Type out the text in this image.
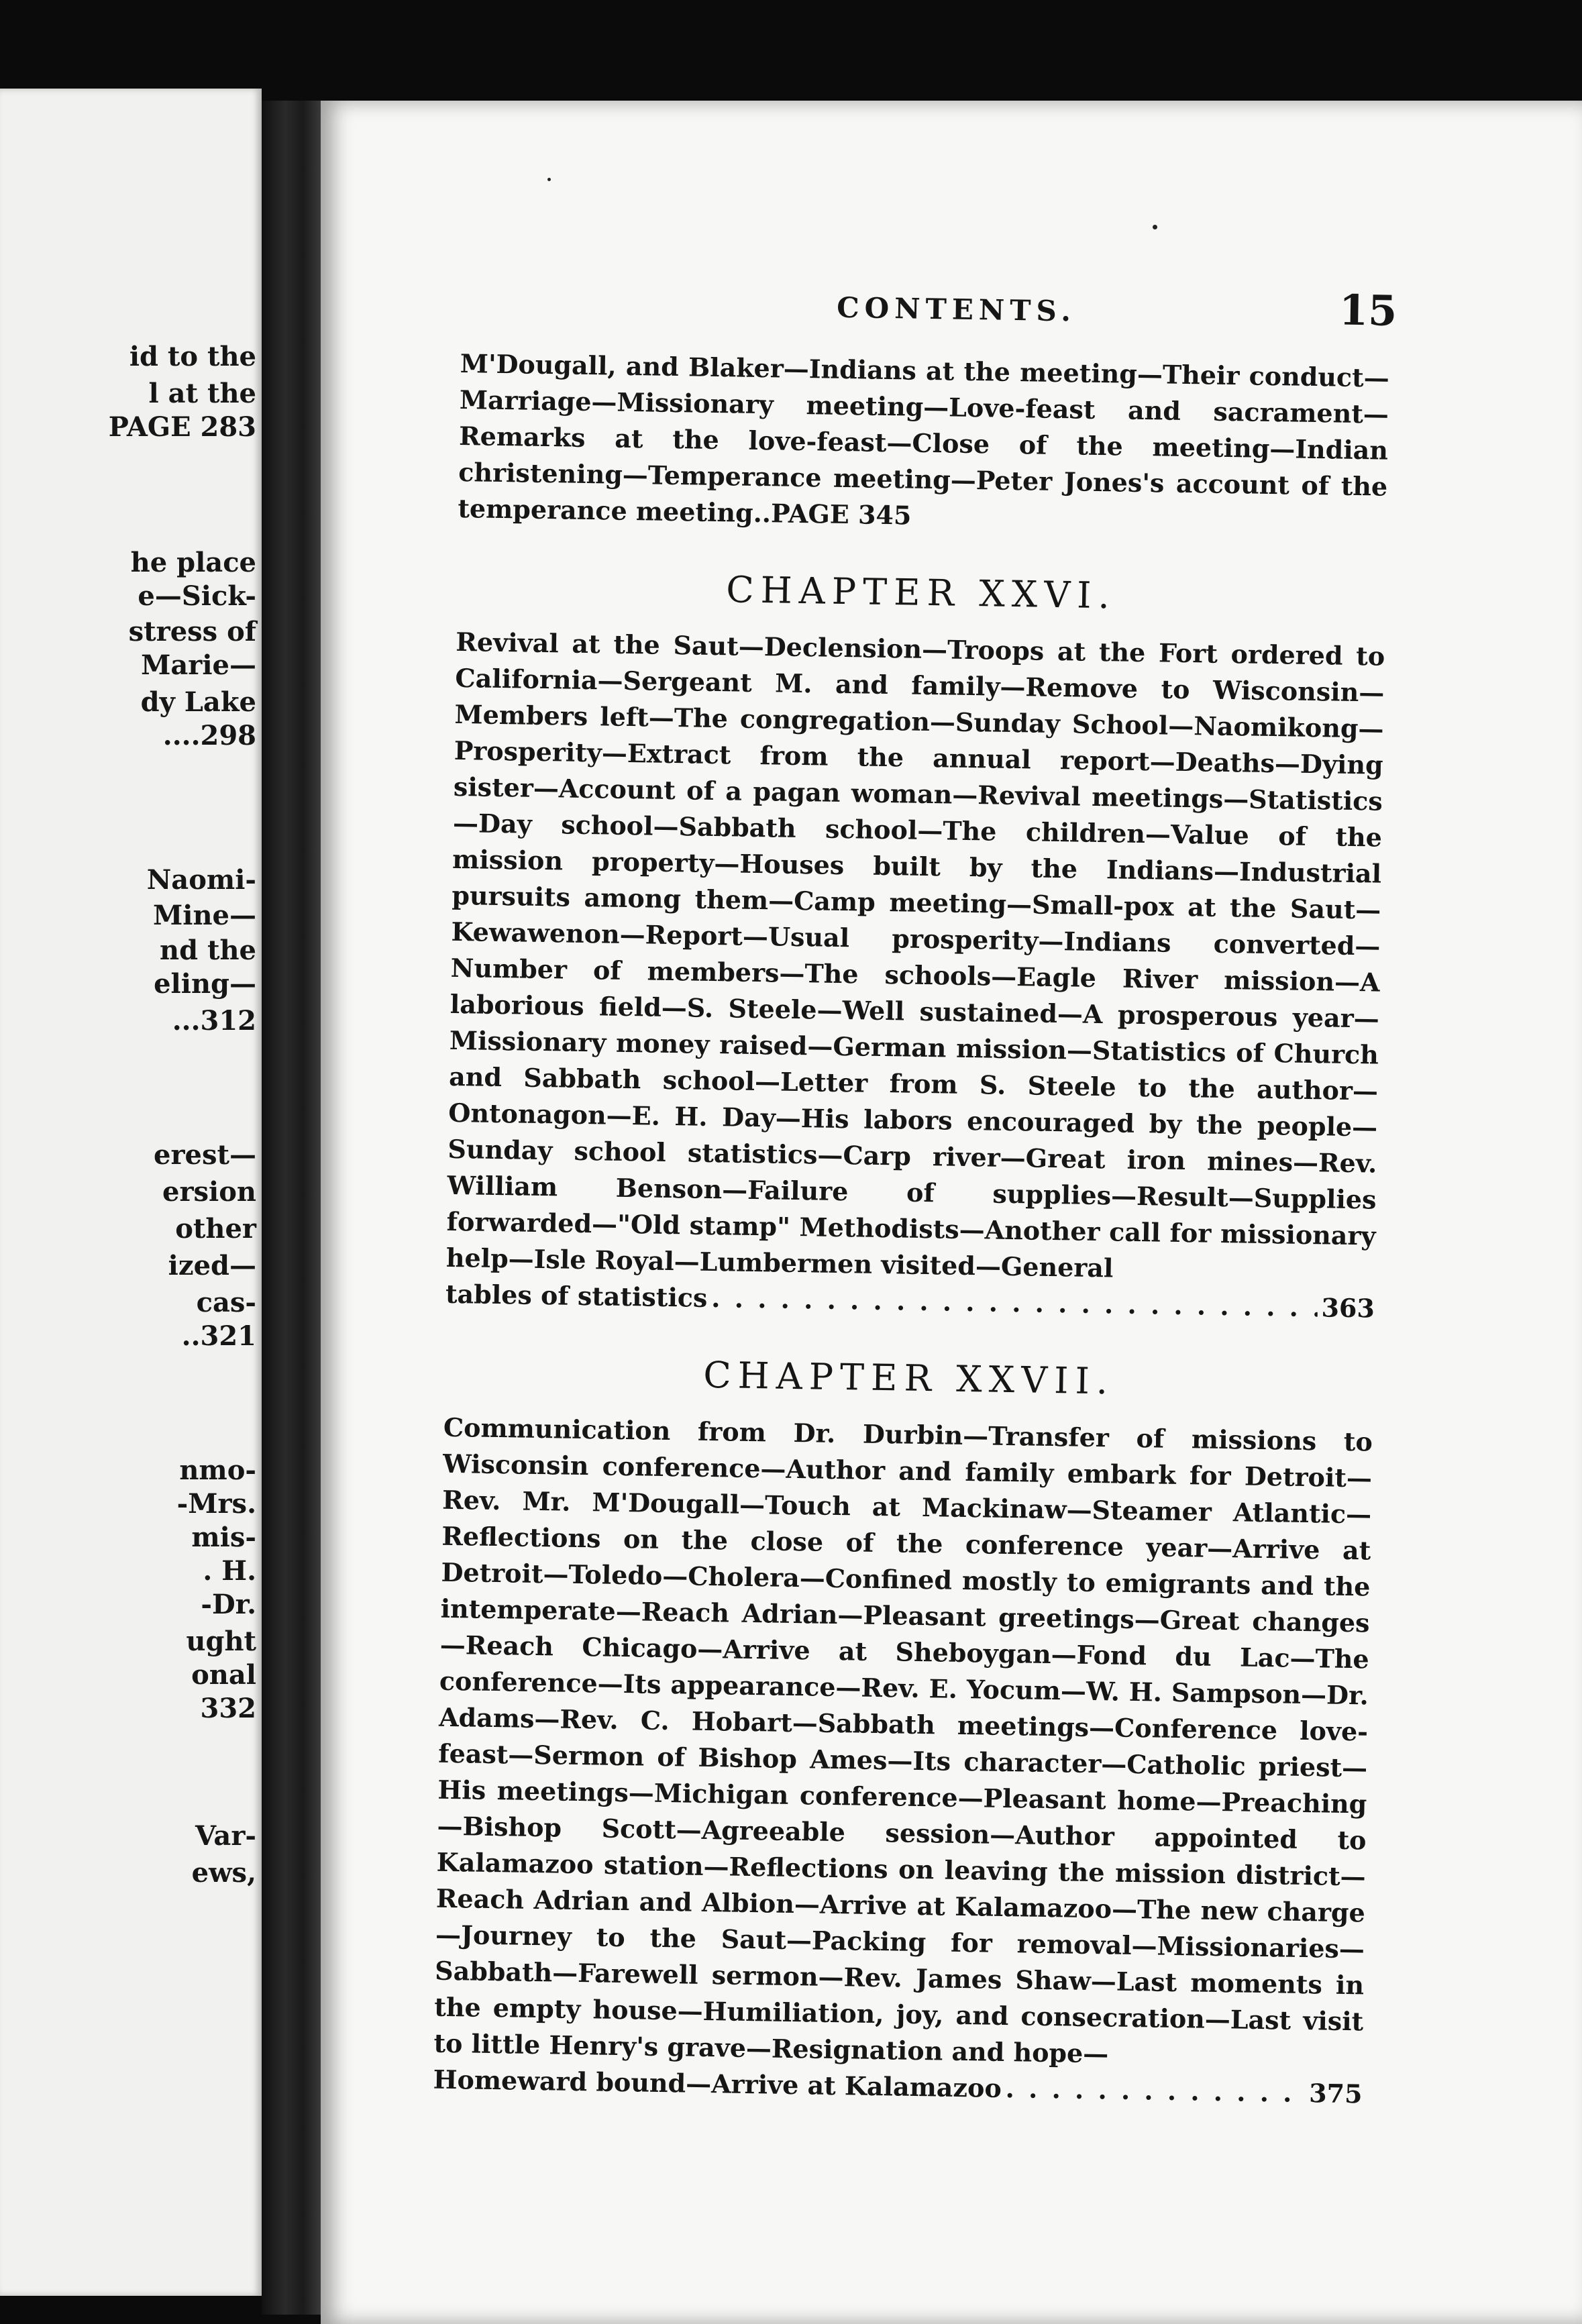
id to the
l at the
PAGE 283
he place
e—Sick-
stress of
Marie—
dy Lake
....298
Naomi-
Mine—
nd the
eling—
...312
erest—
ersion
other
ized—
cas-
..321
nmo-
-Mrs.
mis-
. H.
-Dr.
ught
onal
332
Var-
ews,
CONTENTS.	15

M'Dougall, and Blaker—Indians at the meeting—Their conduct—Marriage—Missionary meeting—Love-feast and sacrament—Remarks at the love-feast—Close of the meeting—Indian christening—Temperance meeting—Peter Jones's account of the temperance meeting..PAGE 345

CHAPTER XXVI.

Revival at the Saut—Declension—Troops at the Fort ordered to California—Sergeant M. and family—Remove to Wisconsin—Members left—The congregation—Sunday School—Naomikong—Prosperity—Extract from the annual report—Deaths—Dying sister—Account of a pagan woman—Revival meetings—Statistics—Day school—Sabbath school—The children—Value of the mission property—Houses built by the Indians—Industrial pursuits among them—Camp meeting—Small-pox at the Saut—Kewawenon—Report—Usual prosperity—Indians converted—Number of members—The schools—Eagle River mission—A laborious field—S. Steele—Well sustained—A prosperous year—Missionary money raised—German mission—Statistics of Church and Sabbath school—Letter from S. Steele to the author—Ontonagon—E. H. Day—His labors encouraged by the people—Sunday school statistics—Carp river—Great iron mines—Rev. William Benson—Failure of supplies—Result—Supplies forwarded—"Old stamp" Methodists—Another call for missionary help—Isle Royal—Lumbermen visited—General

tables of statistics . . .	363
CHAPTER XXVII.

Communication from Dr. Durbin—Transfer of missions to Wisconsin conference—Author and family embark for Detroit—Rev. Mr. M'Dougall—Touch at Mackinaw—Steamer Atlantic—Reflections on the close of the conference year—Arrive at Detroit—Toledo—Cholera—Confined mostly to emigrants and the intemperate—Reach Adrian—Pleasant greetings—Great changes—Reach Chicago—Arrive at Sheboygan—Fond du Lac—The conference—Its appearance—Rev. E. Yocum—W. H. Sampson—Dr. Adams—Rev. C. Hobart—Sabbath meetings—Conference love-feast—Sermon of Bishop Ames—Its character—Catholic priest—His meetings—Michigan conference—Pleasant home—Preaching—Bishop Scott—Agreeable session—Author appointed to Kalamazoo station—Reflections on leaving the mission district—Reach Adrian and Albion—Arrive at Kalamazoo—The new charge—Journey to the Saut—Packing for removal—Missionaries—Sabbath—Farewell sermon—Rev. James Shaw—Last moments in the empty house—Humiliation, joy, and consecration—Last visit to little Henry's grave—Resignation and hope—

Homeward bound—Arrive at Kalamazoo . . .	375
